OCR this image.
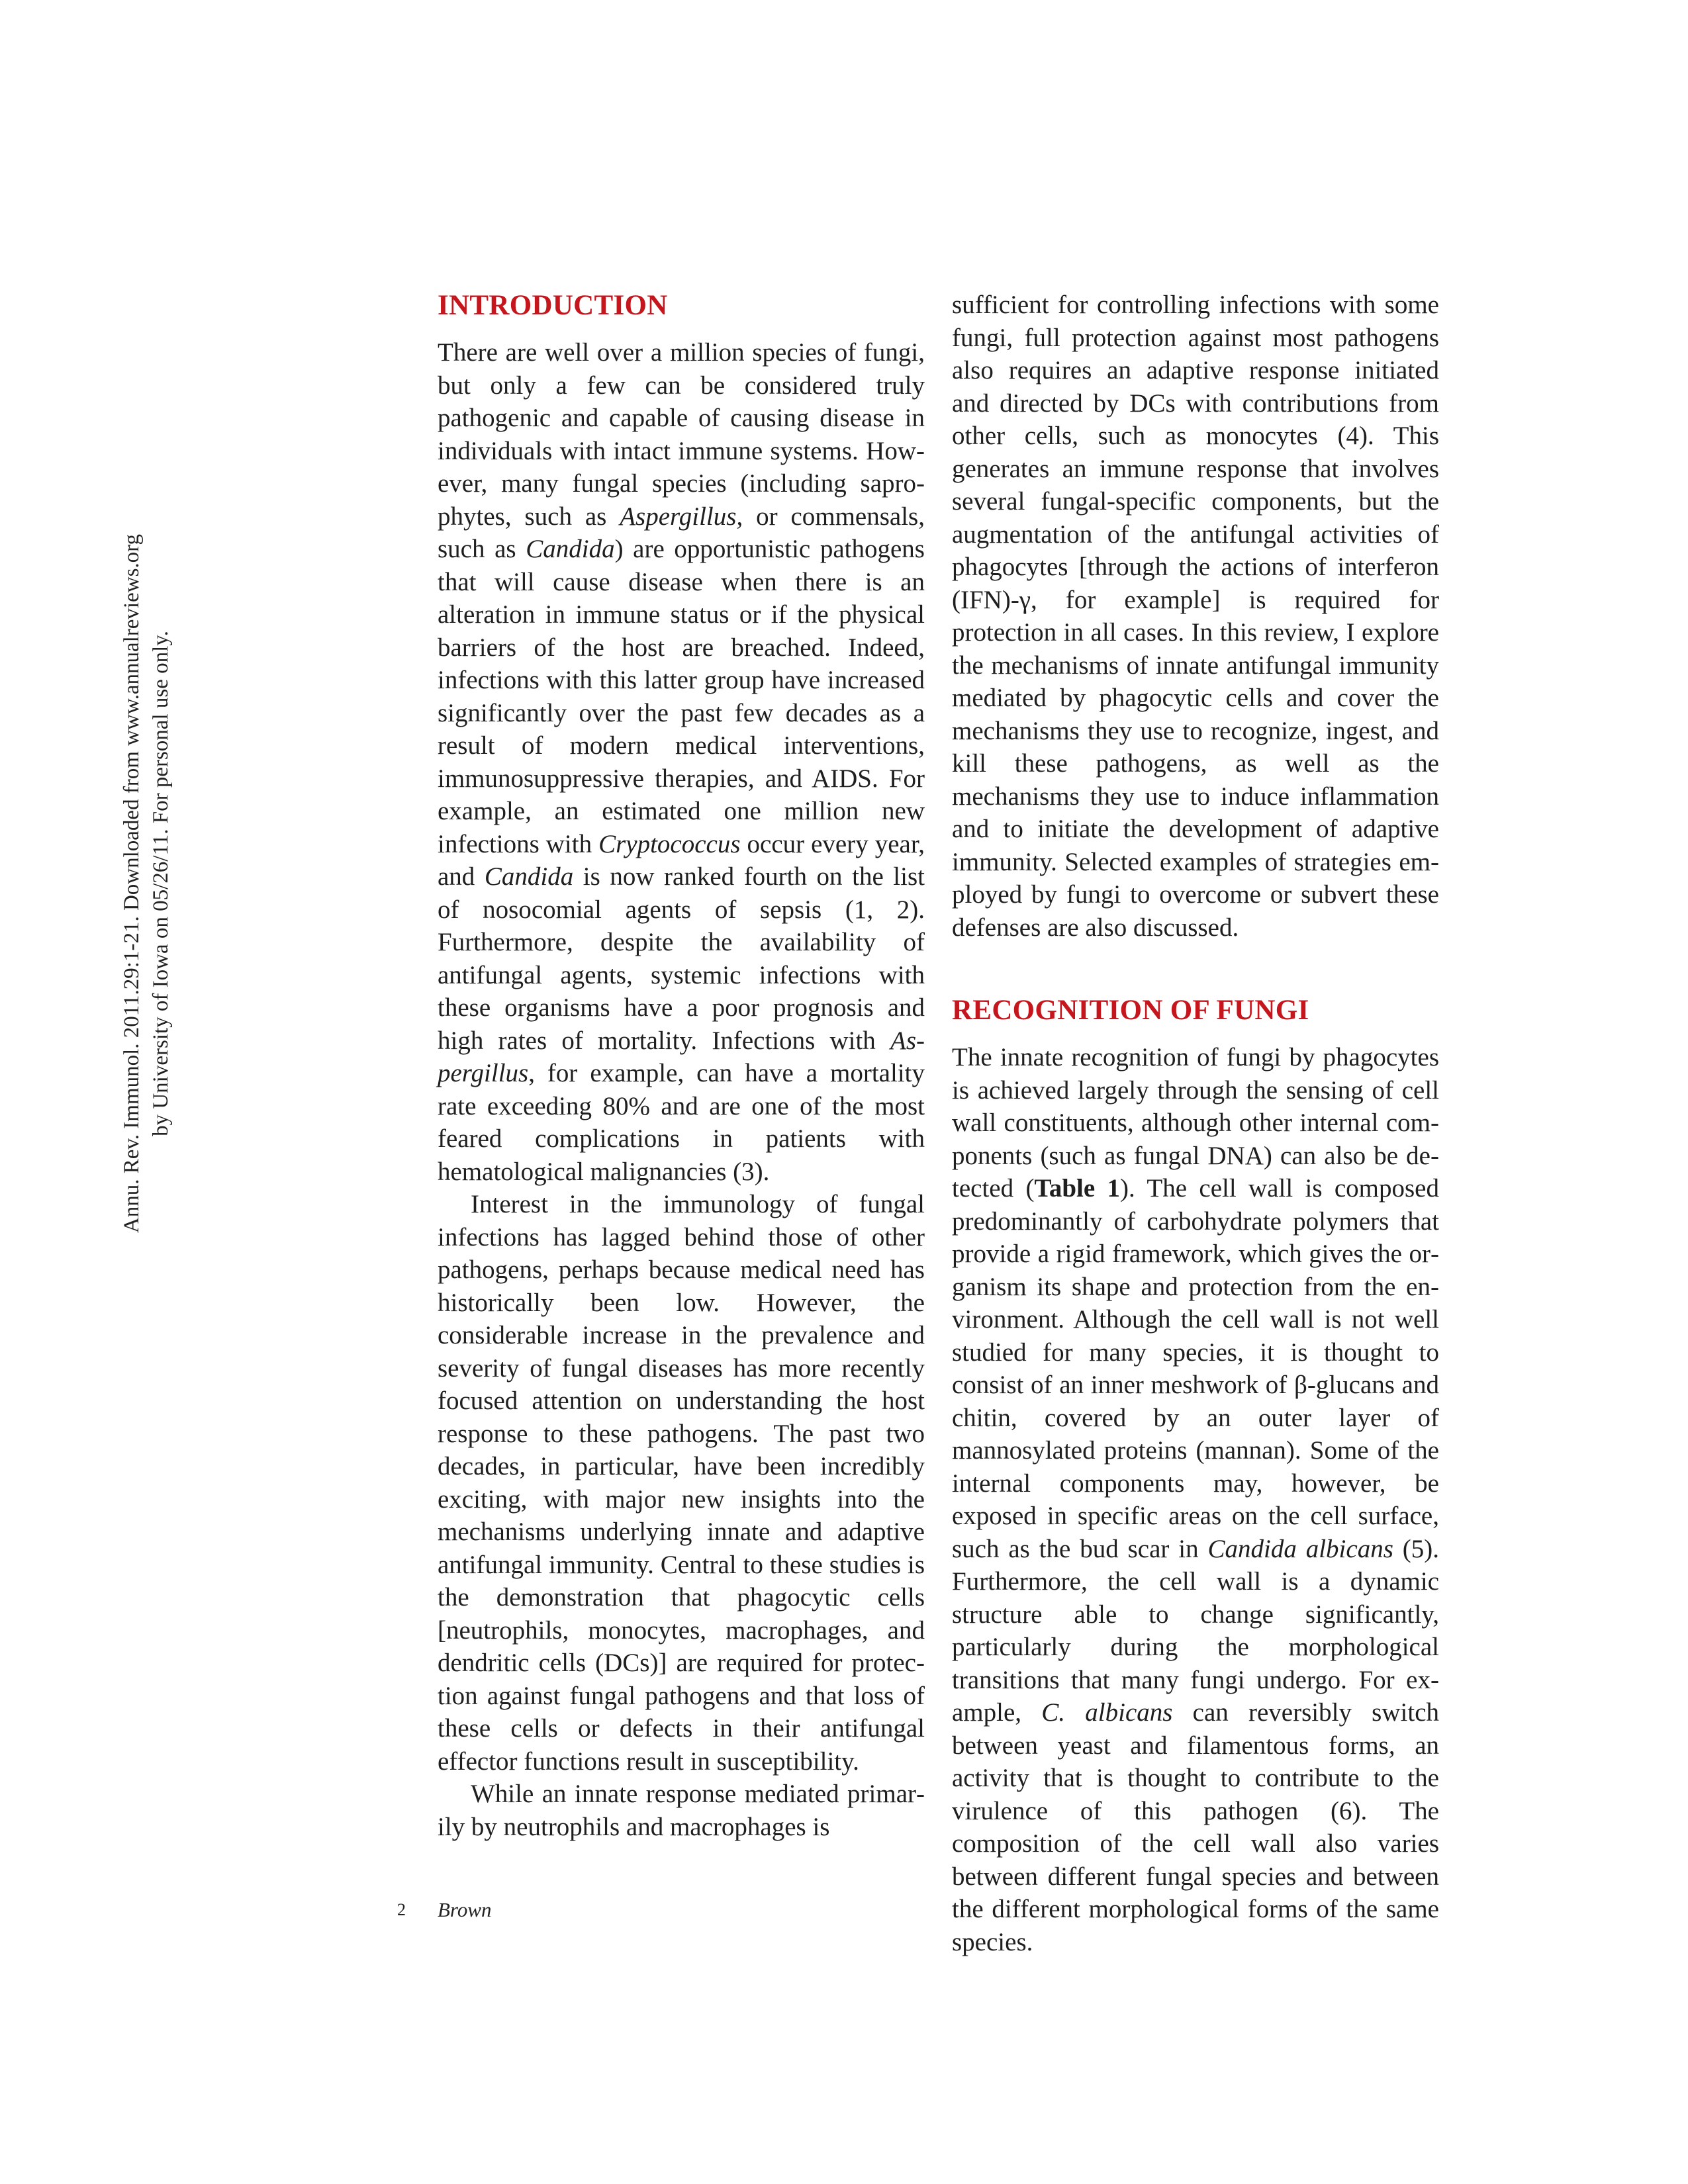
Annu. Rev. Immunol. 2011.29:1-21. Downloaded from www.annualreviews.org by University of Iowa on 05/26/11. For personal use only.
INTRODUCTION

There are well over a million species of fungi, but only a few can be considered truly pathogenic and capable of causing disease in individuals with intact immune systems. However, many fungal species (including saprophytes, such as Aspergillus, or commensals, such as Candida) are opportunistic pathogens that will cause disease when there is an alteration in immune status or if the physical barriers of the host are breached. Indeed, infections with this latter group have increased significantly over the past few decades as a result of modern medical interventions, immunosuppressive therapies, and AIDS. For example, an estimated one million new infections with Cryptococcus occur every year, and Candida is now ranked fourth on the list of nosocomial agents of sepsis (1, 2). Furthermore, despite the availability of antifungal agents, systemic infections with these organisms have a poor prognosis and high rates of mortality. Infections with Aspergillus, for example, can have a mortality rate exceeding 80% and are one of the most feared complications in patients with hematological malignancies (3).

Interest in the immunology of fungal infections has lagged behind those of other pathogens, perhaps because medical need has historically been low. However, the considerable increase in the prevalence and severity of fungal diseases has more recently focused attention on understanding the host response to these pathogens. The past two decades, in particular, have been incredibly exciting, with major new insights into the mechanisms underlying innate and adaptive antifungal immunity. Central to these studies is the demonstration that phagocytic cells [neutrophils, monocytes, macrophages, and dendritic cells (DCs)] are required for protection against fungal pathogens and that loss of these cells or defects in their antifungal effector functions result in susceptibility.

While an innate response mediated primarily by neutrophils and macrophages is

sufficient for controlling infections with some fungi, full protection against most pathogens also requires an adaptive response initiated and directed by DCs with contributions from other cells, such as monocytes (4). This generates an immune response that involves several fungal-specific components, but the augmentation of the antifungal activities of phagocytes [through the actions of interferon (IFN)-γ, for example] is required for protection in all cases. In this review, I explore the mechanisms of innate antifungal immunity mediated by phagocytic cells and cover the mechanisms they use to recognize, ingest, and kill these pathogens, as well as the mechanisms they use to induce inflammation and to initiate the development of adaptive immunity. Selected examples of strategies employed by fungi to overcome or subvert these defenses are also discussed.

RECOGNITION OF FUNGI

The innate recognition of fungi by phagocytes is achieved largely through the sensing of cell wall constituents, although other internal components (such as fungal DNA) can also be detected (Table 1). The cell wall is composed predominantly of carbohydrate polymers that provide a rigid framework, which gives the organism its shape and protection from the environment. Although the cell wall is not well studied for many species, it is thought to consist of an inner meshwork of β-glucans and chitin, covered by an outer layer of mannosylated proteins (mannan). Some of the internal components may, however, be exposed in specific areas on the cell surface, such as the bud scar in Candida albicans (5). Furthermore, the cell wall is a dynamic structure able to change significantly, particularly during the morphological transitions that many fungi undergo. For example, C. albicans can reversibly switch between yeast and filamentous forms, an activity that is thought to contribute to the virulence of this pathogen (6). The composition of the cell wall also varies between different fungal species and between the different morphological forms of the same species.

2 Brown
